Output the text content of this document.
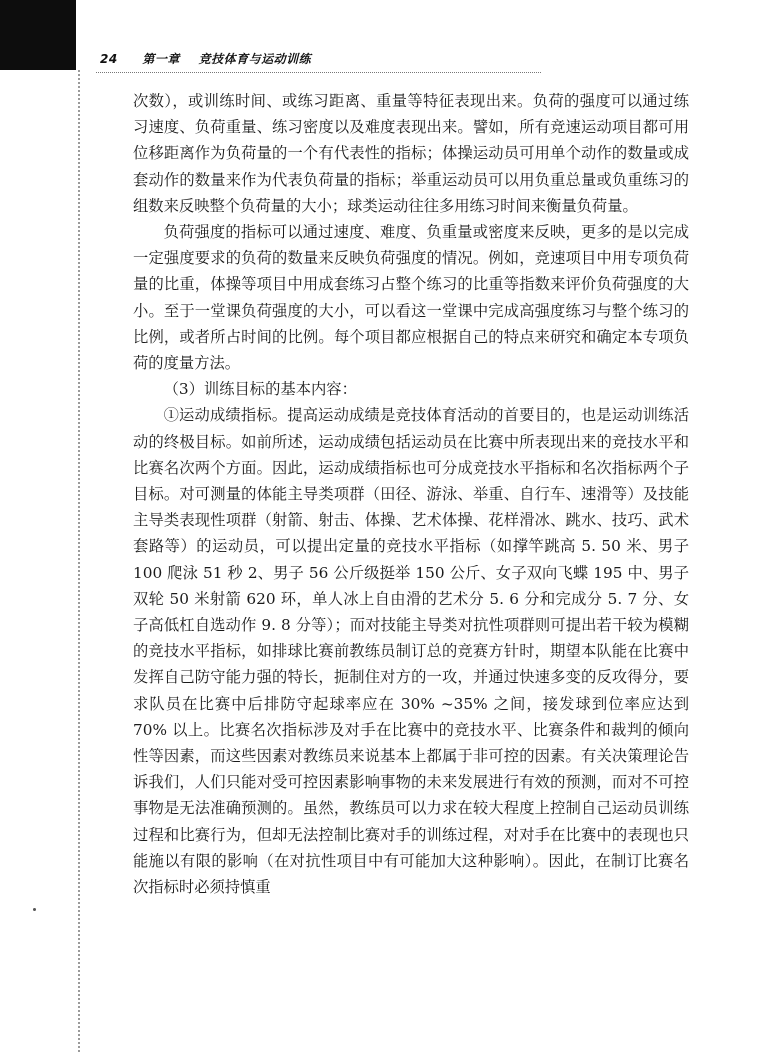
24 第一章 竞技体育与运动训练

次数），或训练时间、或练习距离、重量等特征表现出来。负荷的强度可以通过练习速度、负荷重量、练习密度以及难度表现出来。譬如，所有竞速运动项目都可用位移距离作为负荷量的一个有代表性的指标；体操运动员可用单个动作的数量或成套动作的数量来作为代表负荷量的指标；举重运动员可以用负重总量或负重练习的组数来反映整个负荷量的大小；球类运动往往多用练习时间来衡量负荷量。

负荷强度的指标可以通过速度、难度、负重量或密度来反映，更多的是以完成一定强度要求的负荷的数量来反映负荷强度的情况。例如，竞速项目中用专项负荷量的比重，体操等项目中用成套练习占整个练习的比重等指数来评价负荷强度的大小。至于一堂课负荷强度的大小，可以看这一堂课中完成高强度练习与整个练习的比例，或者所占时间的比例。每个项目都应根据自己的特点来研究和确定本专项负荷的度量方法。

（3）训练目标的基本内容：

①运动成绩指标。提高运动成绩是竞技体育活动的首要目的，也是运动训练活动的终极目标。如前所述，运动成绩包括运动员在比赛中所表现出来的竞技水平和比赛名次两个方面。因此，运动成绩指标也可分成竞技水平指标和名次指标两个子目标。对可测量的体能主导类项群（田径、游泳、举重、自行车、速滑等）及技能主导类表现性项群（射箭、射击、体操、艺术体操、花样滑冰、跳水、技巧、武术套路等）的运动员，可以提出定量的竞技水平指标（如撑竿跳高 5. 50 米、男子 100 爬泳 51 秒 2、男子 56 公斤级挺举 150 公斤、女子双向飞蝶 195 中、男子双轮 50 米射箭 620 环，单人冰上自由滑的艺术分 5. 6 分和完成分 5. 7 分、女子高低杠自选动作 9. 8 分等）；而对技能主导类对抗性项群则可提出若干较为模糊的竞技水平指标，如排球比赛前教练员制订总的竞赛方针时，期望本队能在比赛中发挥自己防守能力强的特长，扼制住对方的一攻，并通过快速多变的反攻得分，要求队员在比赛中后排防守起球率应在 30% ~35% 之间，接发球到位率应达到 70% 以上。比赛名次指标涉及对手在比赛中的竞技水平、比赛条件和裁判的倾向性等因素，而这些因素对教练员来说基本上都属于非可控的因素。有关决策理论告诉我们，人们只能对受可控因素影响事物的未来发展进行有效的预测，而对不可控事物是无法准确预测的。虽然，教练员可以力求在较大程度上控制自己运动员训练过程和比赛行为，但却无法控制比赛对手的训练过程，对对手在比赛中的表现也只能施以有限的影响（在对抗性项目中有可能加大这种影响）。因此，在制订比赛名次指标时必须持慎重
